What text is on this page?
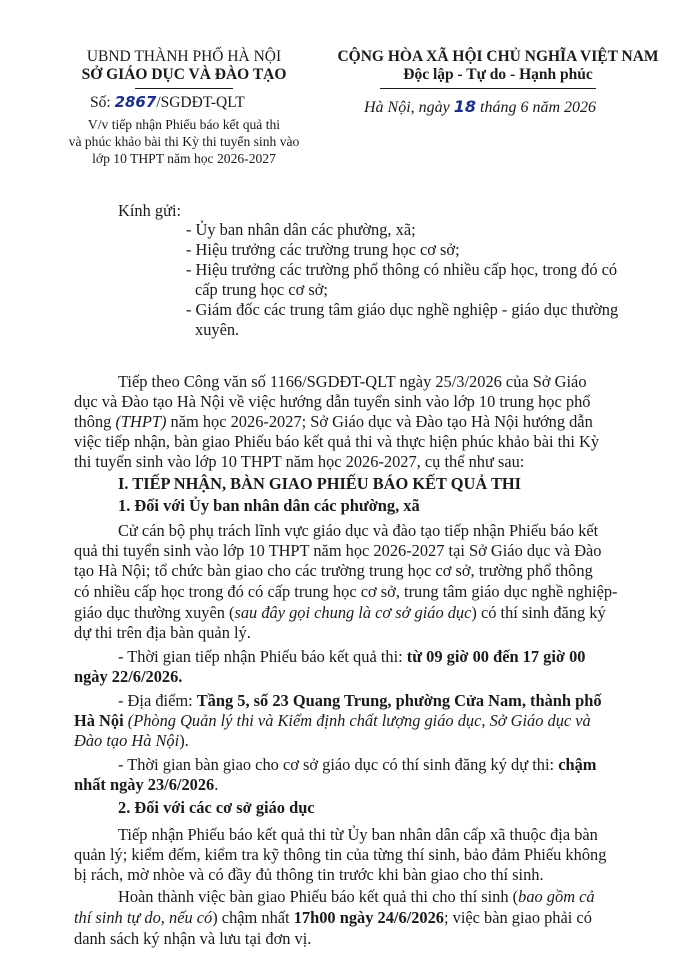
UBND THÀNH PHỐ HÀ NỘI
SỞ GIÁO DỤC VÀ ĐÀO TẠO
Số: 2867/SGDĐT-QLT
V/v tiếp nhận Phiếu báo kết quả thi
và phúc khảo bài thi Kỳ thi tuyển sinh vào
lớp 10 THPT năm học 2026-2027
CỘNG HÒA XÃ HỘI CHỦ NGHĨA VIỆT NAM
Độc lập - Tự do - Hạnh phúc
Hà Nội, ngày 18 tháng 6 năm 2026
Kính gửi:
- Ủy ban nhân dân các phường, xã;
- Hiệu trưởng các trường trung học cơ sở;
- Hiệu trưởng các trường phổ thông có nhiều cấp học, trong đó có
cấp trung học cơ sở;
- Giám đốc các trung tâm giáo dục nghề nghiệp - giáo dục thường
xuyên.
Tiếp theo Công văn số 1166/SGDĐT-QLT ngày 25/3/2026 của Sở Giáo
dục và Đào tạo Hà Nội về việc hướng dẫn tuyển sinh vào lớp 10 trung học phổ
thông (THPT) năm học 2026-2027; Sở Giáo dục và Đào tạo Hà Nội hướng dẫn
việc tiếp nhận, bàn giao Phiếu báo kết quả thi và thực hiện phúc khảo bài thi Kỳ
thi tuyển sinh vào lớp 10 THPT năm học 2026-2027, cụ thể như sau:
I. TIẾP NHẬN, BÀN GIAO PHIẾU BÁO KẾT QUẢ THI
1. Đối với Ủy ban nhân dân các phường, xã
Cử cán bộ phụ trách lĩnh vực giáo dục và đào tạo tiếp nhận Phiếu báo kết
quả thi tuyển sinh vào lớp 10 THPT năm học 2026-2027 tại Sở Giáo dục và Đào
tạo Hà Nội; tổ chức bàn giao cho các trường trung học cơ sở, trường phổ thông
có nhiều cấp học trong đó có cấp trung học cơ sở, trung tâm giáo dục nghề nghiệp-
giáo dục thường xuyên (sau đây gọi chung là cơ sở giáo dục) có thí sinh đăng ký
dự thi trên địa bàn quản lý.
- Thời gian tiếp nhận Phiếu báo kết quả thi: từ 09 giờ 00 đến 17 giờ 00
ngày 22/6/2026.
- Địa điểm: Tầng 5, số 23 Quang Trung, phường Cửa Nam, thành phố
Hà Nội (Phòng Quản lý thi và Kiểm định chất lượng giáo dục, Sở Giáo dục và
Đào tạo Hà Nội).
- Thời gian bàn giao cho cơ sở giáo dục có thí sinh đăng ký dự thi: chậm
nhất ngày 23/6/2026.
2. Đối với các cơ sở giáo dục
Tiếp nhận Phiếu báo kết quả thi từ Ủy ban nhân dân cấp xã thuộc địa bàn
quản lý; kiểm đếm, kiểm tra kỹ thông tin của từng thí sinh, bảo đảm Phiếu không
bị rách, mờ nhòe và có đầy đủ thông tin trước khi bàn giao cho thí sinh.
Hoàn thành việc bàn giao Phiếu báo kết quả thi cho thí sinh (bao gồm cả
thí sinh tự do, nếu có) chậm nhất 17h00 ngày 24/6/2026; việc bàn giao phải có
danh sách ký nhận và lưu tại đơn vị.
